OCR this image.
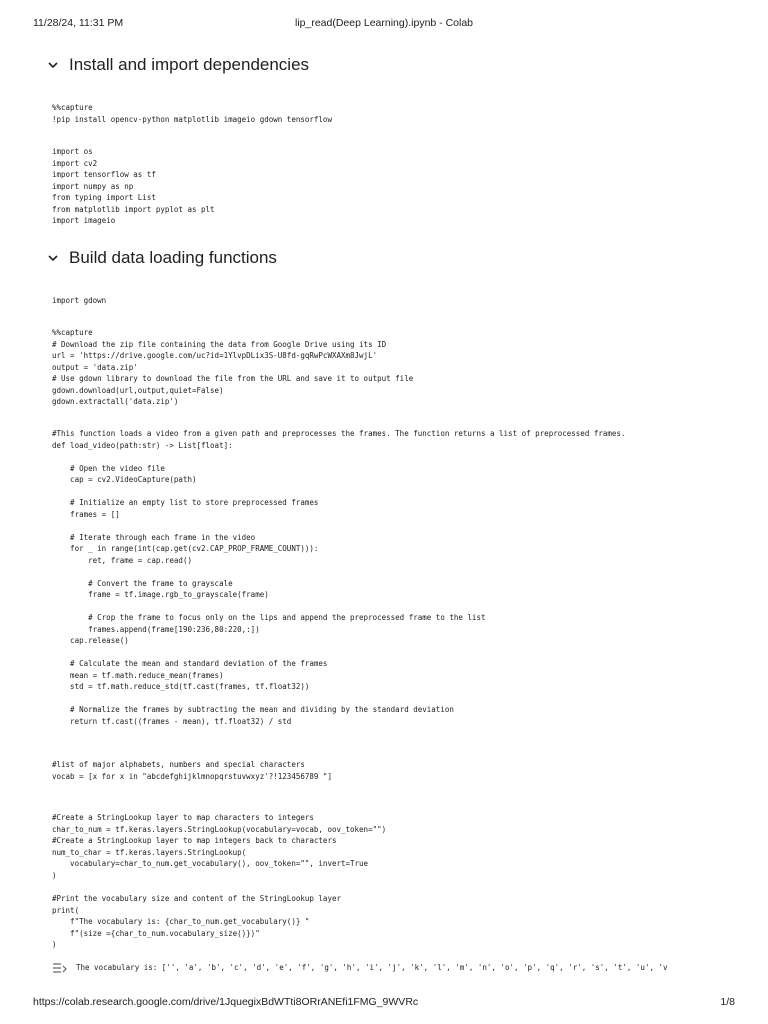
11/28/24, 11:31 PM	lip_read(Deep Learning).ipynb - Colab
Install and import dependencies
%%capture
!pip install opencv-python matplotlib imageio gdown tensorflow
import os
import cv2
import tensorflow as tf
import numpy as np
from typing import List
from matplotlib import pyplot as plt
import imageio
Build data loading functions
import gdown
%%capture
# Download the zip file containing the data from Google Drive using its ID
url = 'https://drive.google.com/uc?id=1YlvpDLix3S-U8fd-gqRwPcWXAXm8JwjL'
output = 'data.zip'
# Use gdown library to download the file from the URL and save it to output file
gdown.download(url,output,quiet=False)
gdown.extractall('data.zip')
#This function loads a video from a given path and preprocesses the frames. The function returns a list of preprocessed frames.
def load_video(path:str) -> List[float]:

# Open the video file
cap = cv2.VideoCapture(path)

# Initialize an empty list to store preprocessed frames
frames = []

# Iterate through each frame in the video
for _ in range(int(cap.get(cv2.CAP_PROP_FRAME_COUNT))):
ret, frame = cap.read()

# Convert the frame to grayscale
frame = tf.image.rgb_to_grayscale(frame)

# Crop the frame to focus only on the lips and append the preprocessed frame to the list
frames.append(frame[190:236,80:220,:])
cap.release()

# Calculate the mean and standard deviation of the frames
mean = tf.math.reduce_mean(frames)
std = tf.math.reduce_std(tf.cast(frames, tf.float32))

# Normalize the frames by subtracting the mean and dividing by the standard deviation
return tf.cast((frames - mean), tf.float32) / std
#list of major alphabets, numbers and special characters
vocab = [x for x in "abcdefghijklmnopqrstuvwxyz'?!123456789 "]
#Create a StringLookup layer to map characters to integers
char_to_num = tf.keras.layers.StringLookup(vocabulary=vocab, oov_token="")
#Create a StringLookup layer to map integers back to characters
num_to_char = tf.keras.layers.StringLookup(
vocabulary=char_to_num.get_vocabulary(), oov_token="", invert=True
)
#Print the vocabulary size and content of the StringLookup layer
print(
f"The vocabulary is: {char_to_num.get_vocabulary()} "
f"(size ={char_to_num.vocabulary_size()})"
)
The vocabulary is: ['', 'a', 'b', 'c', 'd', 'e', 'f', 'g', 'h', 'i', 'j', 'k', 'l', 'm', 'n', 'o', 'p', 'q', 'r', 's', 't', 'u', 'v
https://colab.research.google.com/drive/1JquegixBdWTti8ORrANEfi1FMG_9WVRc	1/8
